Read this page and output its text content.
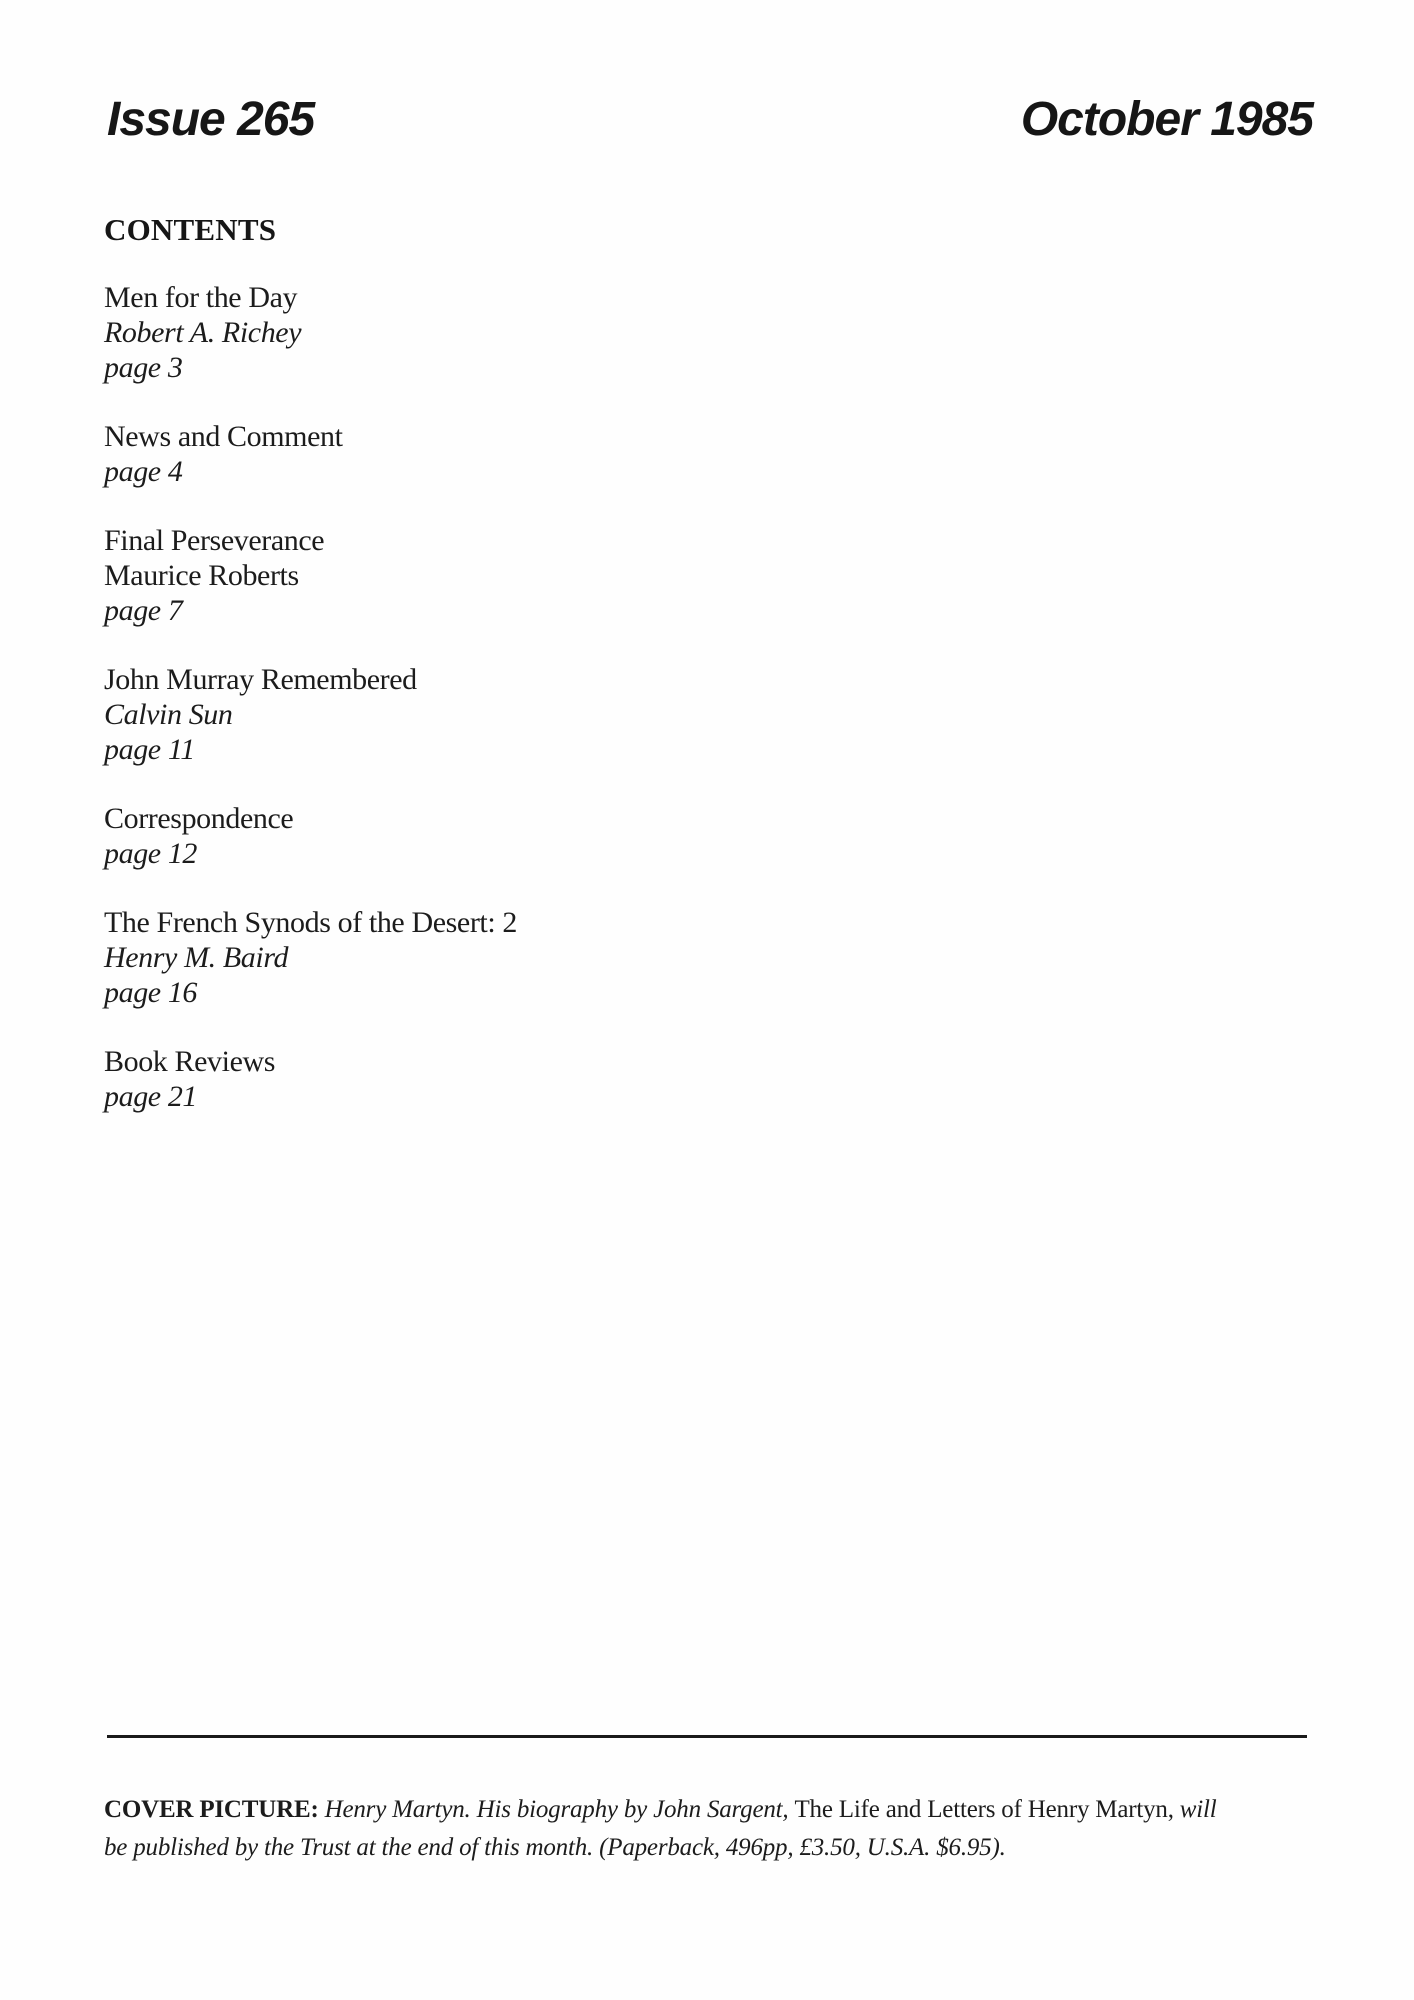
Issue 265	October 1985
CONTENTS
Men for the Day
Robert A. Richey
page 3
News and Comment
page 4
Final Perseverance
Maurice Roberts
page 7
John Murray Remembered
Calvin Sun
page 11
Correspondence
page 12
The French Synods of the Desert: 2
Henry M. Baird
page 16
Book Reviews
page 21
COVER PICTURE: Henry Martyn. His biography by John Sargent, The Life and Letters of Henry Martyn, will
be published by the Trust at the end of this month. (Paperback, 496pp, £3.50, U.S.A. $6.95).
